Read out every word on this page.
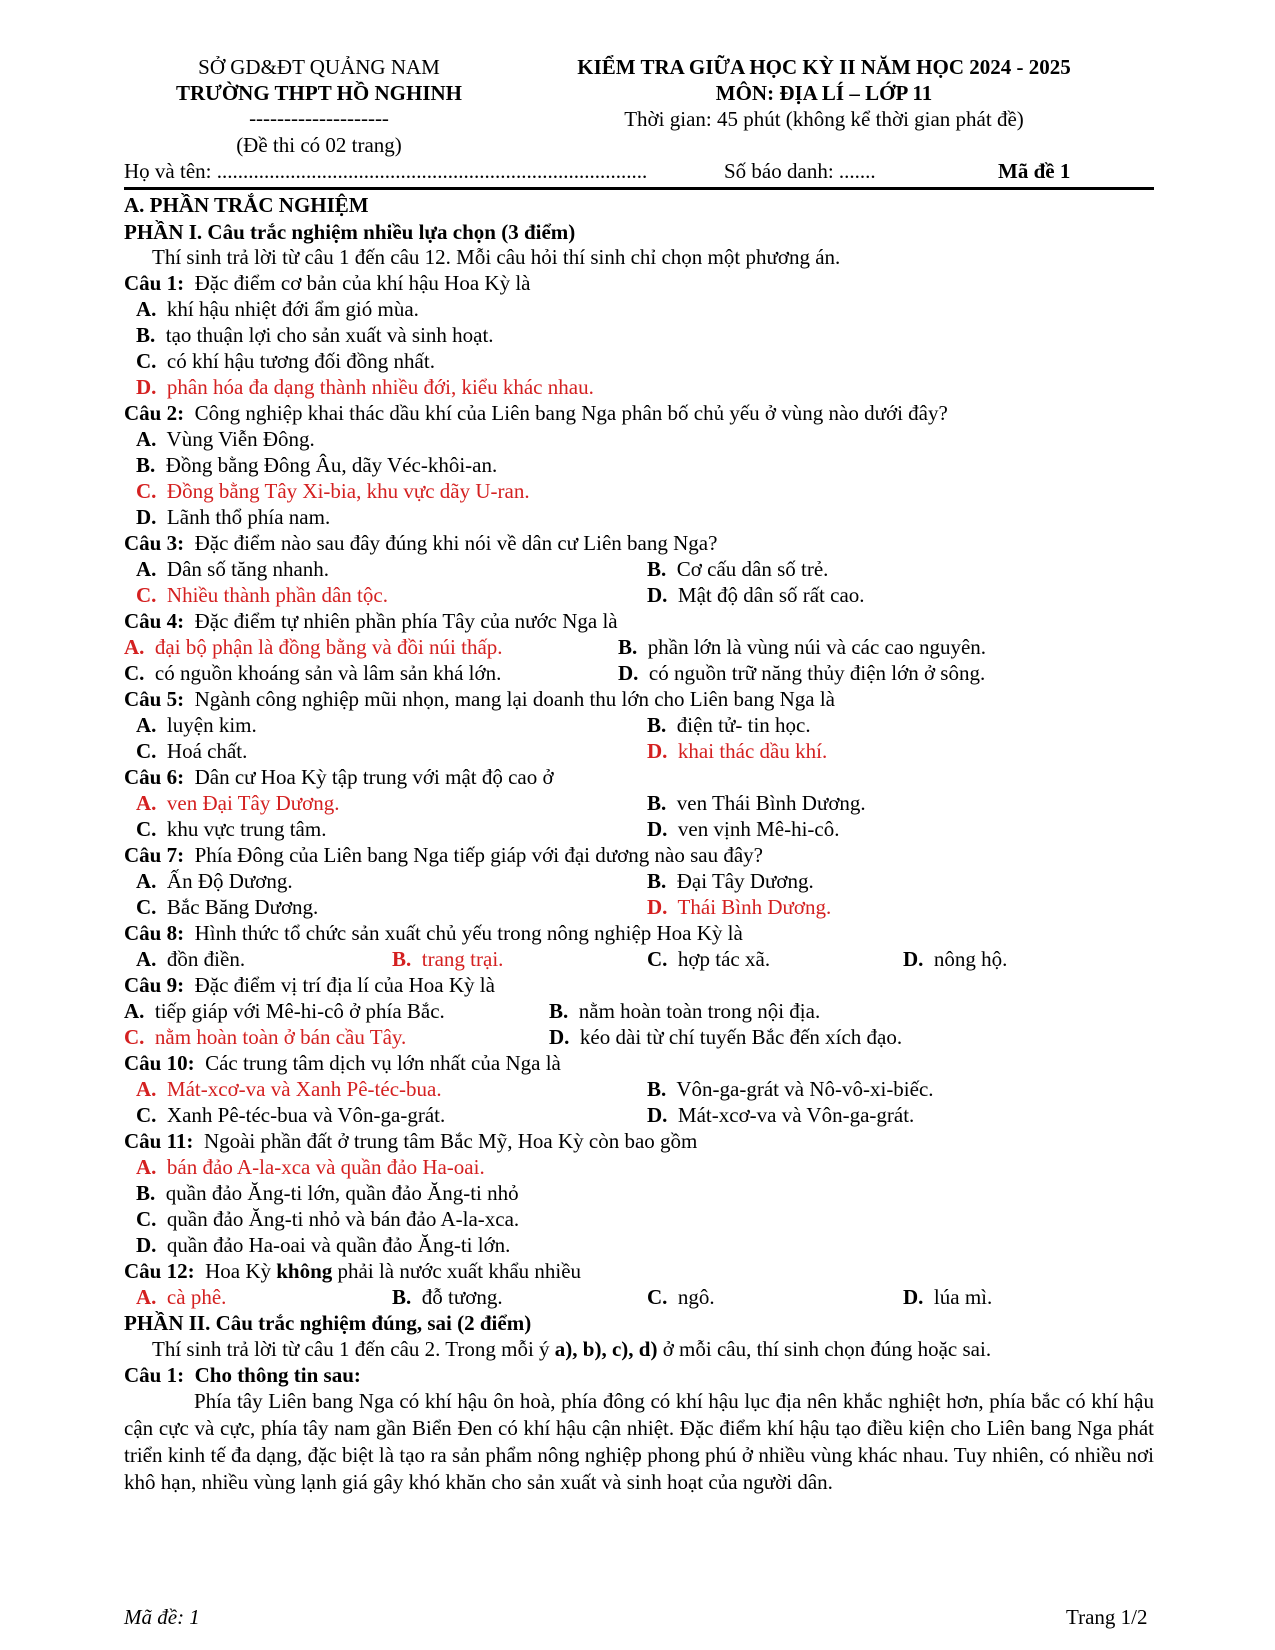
SỞ GD&ĐT QUẢNG NAM
TRƯỜNG THPT HỒ NGHINH
--------------------
(Đề thi có 02 trang)
KIỂM TRA GIỮA HỌC KỲ II NĂM HỌC 2024 - 2025
MÔN: ĐỊA LÍ – LỚP 11
Thời gian: 45 phút (không kể thời gian phát đề)
Họ và tên: ..................................................................................	Số báo danh: .......	Mã đề 1
A. PHẦN TRẮC NGHIỆM
PHẦN I. Câu trắc nghiệm nhiều lựa chọn (3 điểm)
Thí sinh trả lời từ câu 1 đến câu 12. Mỗi câu hỏi thí sinh chỉ chọn một phương án.
Câu 1: Đặc điểm cơ bản của khí hậu Hoa Kỳ là
A. khí hậu nhiệt đới ẩm gió mùa.
B. tạo thuận lợi cho sản xuất và sinh hoạt.
C. có khí hậu tương đối đồng nhất.
D. phân hóa đa dạng thành nhiều đới, kiểu khác nhau.
Câu 2: Công nghiệp khai thác dầu khí của Liên bang Nga phân bố chủ yếu ở vùng nào dưới đây?
A. Vùng Viễn Đông.
B. Đồng bằng Đông Âu, dãy Véc-khôi-an.
C. Đồng bằng Tây Xi-bia, khu vực dãy U-ran.
D. Lãnh thổ phía nam.
Câu 3: Đặc điểm nào sau đây đúng khi nói về dân cư Liên bang Nga?
A. Dân số tăng nhanh.	B. Cơ cấu dân số trẻ.
C. Nhiều thành phần dân tộc.	D. Mật độ dân số rất cao.
Câu 4: Đặc điểm tự nhiên phần phía Tây của nước Nga là
A. đại bộ phận là đồng bằng và đồi núi thấp.	B. phần lớn là vùng núi và các cao nguyên.
C. có nguồn khoáng sản và lâm sản khá lớn.	D. có nguồn trữ năng thủy điện lớn ở sông.
Câu 5: Ngành công nghiệp mũi nhọn, mang lại doanh thu lớn cho Liên bang Nga là
A. luyện kim.	B. điện tử- tin học.
C. Hoá chất.	D. khai thác dầu khí.
Câu 6: Dân cư Hoa Kỳ tập trung với mật độ cao ở
A. ven Đại Tây Dương.	B. ven Thái Bình Dương.
C. khu vực trung tâm.	D. ven vịnh Mê-hi-cô.
Câu 7: Phía Đông của Liên bang Nga tiếp giáp với đại dương nào sau đây?
A. Ấn Độ Dương.	B. Đại Tây Dương.
C. Bắc Băng Dương.	D. Thái Bình Dương.
Câu 8: Hình thức tổ chức sản xuất chủ yếu trong nông nghiệp Hoa Kỳ là
A. đồn điền.	B. trang trại.	C. hợp tác xã.	D. nông hộ.
Câu 9: Đặc điểm vị trí địa lí của Hoa Kỳ là
A. tiếp giáp với Mê-hi-cô ở phía Bắc.	B. nằm hoàn toàn trong nội địa.
C. nằm hoàn toàn ở bán cầu Tây.	D. kéo dài từ chí tuyến Bắc đến xích đạo.
Câu 10: Các trung tâm dịch vụ lớn nhất của Nga là
A. Mát-xcơ-va và Xanh Pê-téc-bua.	B. Vôn-ga-grát và Nô-vô-xi-biếc.
C. Xanh Pê-téc-bua và Vôn-ga-grát.	D. Mát-xcơ-va và Vôn-ga-grát.
Câu 11: Ngoài phần đất ở trung tâm Bắc Mỹ, Hoa Kỳ còn bao gồm
A. bán đảo A-la-xca và quần đảo Ha-oai.
B. quần đảo Ăng-ti lớn, quần đảo Ăng-ti nhỏ
C. quần đảo Ăng-ti nhỏ và bán đảo A-la-xca.
D. quần đảo Ha-oai và quần đảo Ăng-ti lớn.
Câu 12: Hoa Kỳ không phải là nước xuất khẩu nhiều
A. cà phê.	B. đỗ tương.	C. ngô.	D. lúa mì.
PHẦN II. Câu trắc nghiệm đúng, sai (2 điểm)
Thí sinh trả lời từ câu 1 đến câu 2. Trong mỗi ý a), b), c), d) ở mỗi câu, thí sinh chọn đúng hoặc sai.
Câu 1: Cho thông tin sau:
Phía tây Liên bang Nga có khí hậu ôn hoà, phía đông có khí hậu lục địa nên khắc nghiệt hơn, phía bắc có khí hậu cận cực và cực, phía tây nam gần Biển Đen có khí hậu cận nhiệt. Đặc điểm khí hậu tạo điều kiện cho Liên bang Nga phát triển kinh tế đa dạng, đặc biệt là tạo ra sản phẩm nông nghiệp phong phú ở nhiều vùng khác nhau. Tuy nhiên, có nhiều nơi khô hạn, nhiều vùng lạnh giá gây khó khăn cho sản xuất và sinh hoạt của người dân.
Mã đề: 1	Trang 1/2
